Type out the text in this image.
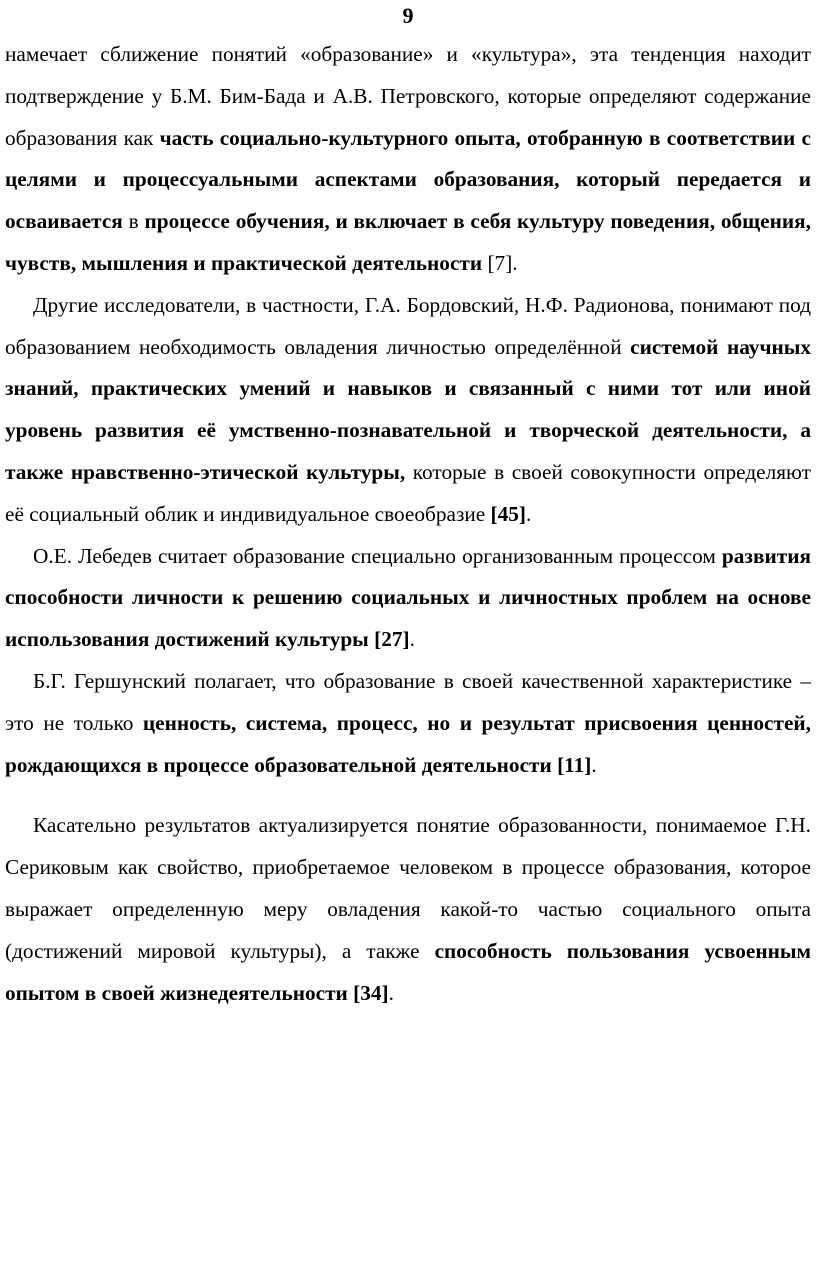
9

намечает сближение понятий «образование» и «культура», эта тенденция находит подтверждение у Б.М. Бим-Бада и А.В. Петровского, которые определяют содержание образования как часть социально-культурного опыта, отобранную в соответствии с целями и процессуальными аспектами образования, который передается и осваивается в процессе обучения, и включает в себя культуру поведения, общения, чувств, мышления и практической деятельности [7].

Другие исследователи, в частности, Г.А. Бордовский, Н.Ф. Радионова, понимают под образованием необходимость овладения личностью определённой системой научных знаний, практических умений и навыков и связанный с ними тот или иной уровень развития её умственно-познавательной и творческой деятельности, а также нравственно-этической культуры, которые в своей совокупности определяют её социальный облик и индивидуальное своеобразие [45].

О.Е. Лебедев считает образование специально организованным процессом развития способности личности к решению социальных и личностных проблем на основе использования достижений культуры [27].

Б.Г. Гершунский полагает, что образование в своей качественной характеристике – это не только ценность, система, процесс, но и результат присвоения ценностей, рождающихся в процессе образовательной деятельности [11].

Касательно результатов актуализируется понятие образованности, понимаемое Г.Н. Сериковым как свойство, приобретаемое человеком в процессе образования, которое выражает определенную меру овладения какой-то частью социального опыта (достижений мировой культуры), а также способность пользования усвоенным опытом в своей жизнедеятельности [34].
